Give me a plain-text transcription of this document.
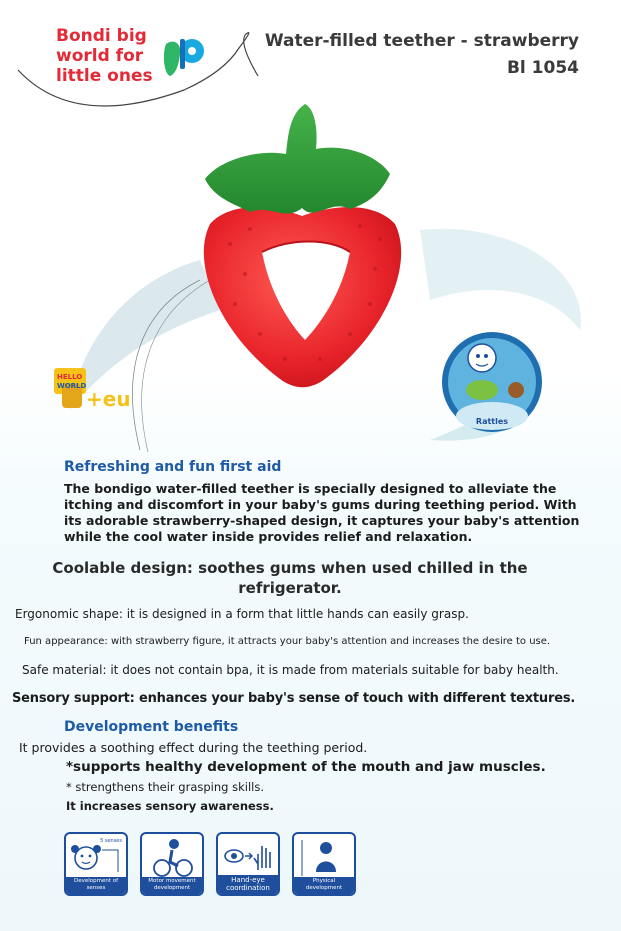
Bondi big
world for
little ones
Water-filled teether - strawberry
Bl 1054
HELLO
WORLD
+eu
Rattles
Refreshing and fun first aid
The bondigo water-filled teether is specially designed to alleviate the itching and discomfort in your baby's gums during teething period. With its adorable strawberry-shaped design, it captures your baby's attention while the cool water inside provides relief and relaxation.
Coolable design: soothes gums when used chilled in the refrigerator.
Ergonomic shape: it is designed in a form that little hands can easily grasp.
Fun appearance: with strawberry figure, it attracts your baby's attention and increases the desire to use.
Safe material: it does not contain bpa, it is made from materials suitable for baby health.
Sensory support: enhances your baby's sense of touch with different textures.
Development benefits
It provides a soothing effect during the teething period.
*supports healthy development of the mouth and jaw muscles.
* strengthens their grasping skills.
It increases sensory awareness.
5 senses
Development of senses
Motor movement development
Hand-eye coordination
Physical development
